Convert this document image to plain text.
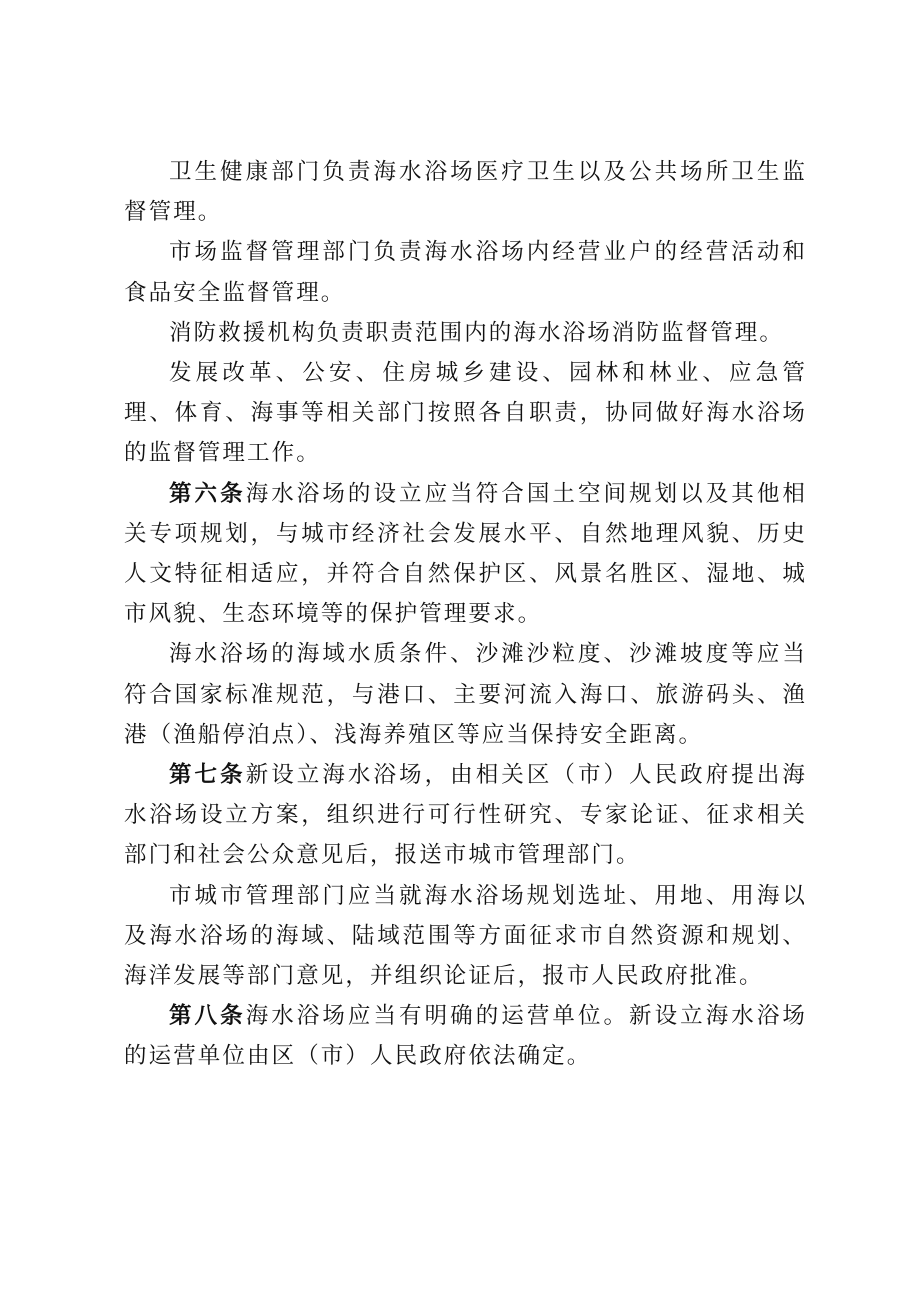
卫生健康部门负责海水浴场医疗卫生以及公共场所卫生监督管理。

市场监督管理部门负责海水浴场内经营业户的经营活动和食品安全监督管理。

消防救援机构负责职责范围内的海水浴场消防监督管理。

发展改革、公安、住房城乡建设、园林和林业、应急管理、体育、海事等相关部门按照各自职责，协同做好海水浴场的监督管理工作。

第六条海水浴场的设立应当符合国土空间规划以及其他相关专项规划，与城市经济社会发展水平、自然地理风貌、历史人文特征相适应，并符合自然保护区、风景名胜区、湿地、城市风貌、生态环境等的保护管理要求。

海水浴场的海域水质条件、沙滩沙粒度、沙滩坡度等应当符合国家标准规范，与港口、主要河流入海口、旅游码头、渔港（渔船停泊点）、浅海养殖区等应当保持安全距离。

第七条新设立海水浴场，由相关区（市）人民政府提出海水浴场设立方案，组织进行可行性研究、专家论证、征求相关部门和社会公众意见后，报送市城市管理部门。

市城市管理部门应当就海水浴场规划选址、用地、用海以及海水浴场的海域、陆域范围等方面征求市自然资源和规划、海洋发展等部门意见，并组织论证后，报市人民政府批准。

第八条海水浴场应当有明确的运营单位。新设立海水浴场的运营单位由区（市）人民政府依法确定。
